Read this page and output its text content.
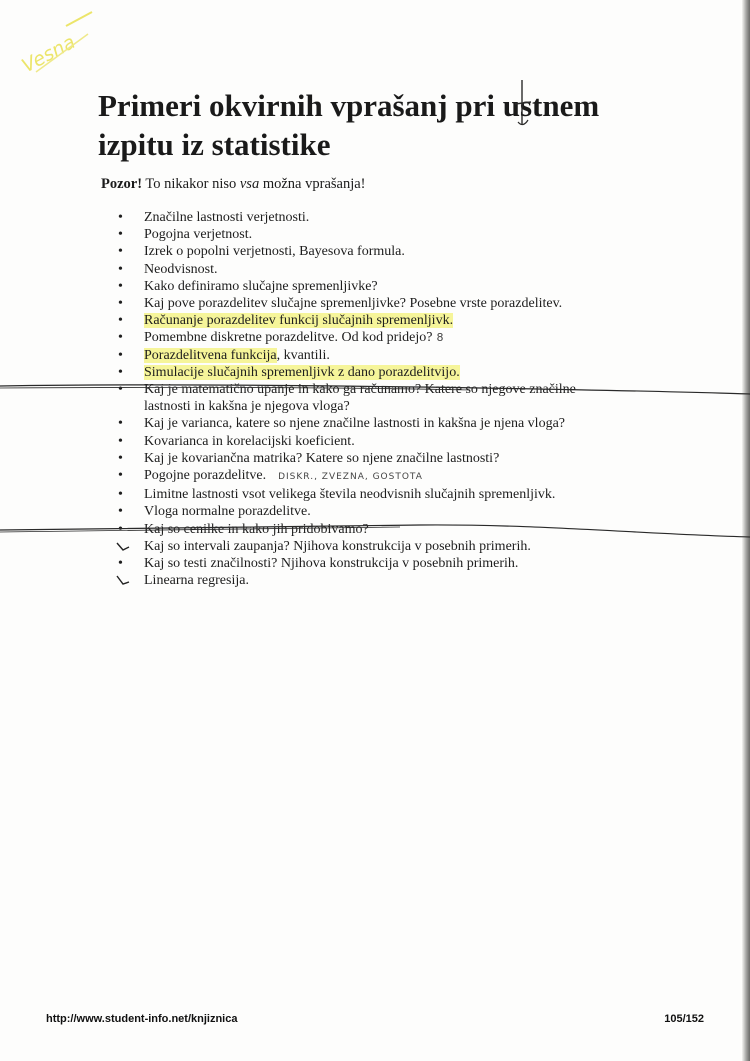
Vesna
Primeri okvirnih vprašanj pri ustnem izpitu iz statistike

Pozor! To nikakor niso vsa možna vprašanja!

• Značilne lastnosti verjetnosti.
• Pogojna verjetnost.
• Izrek o popolni verjetnosti, Bayesova formula.
• Neodvisnost.
• Kako definiramo slučajne spremenljivke?
• Kaj pove porazdelitev slučajne spremenljivke? Posebne vrste porazdelitev.
• Računanje porazdelitev funkcij slučajnih spremenljivk.
• Pomembne diskretne porazdelitve. Od kod pridejo? 8
• Porazdelitvena funkcija, kvantili.
• Simulacije slučajnih spremenljivk z dano porazdelitvijo.
• Kaj je matematično upanje in kako ga računamo? Katere so njegove značilne lastnosti in kakšna je njegova vloga?
• Kaj je varianca, katere so njene značilne lastnosti in kakšna je njena vloga?
• Kovarianca in korelacijski koeficient.
• Kaj je kovariančna matrika? Katere so njene značilne lastnosti?
• Pogojne porazdelitve. DISKR., ZVEZNA, GOSTOTA
• Limitne lastnosti vsot velikega števila neodvisnih slučajnih spremenljivk.
• Vloga normalne porazdelitve.
• Kaj so cenilke in kako jih pridobivamo?
Kaj so intervali zaupanja? Njihova konstrukcija v posebnih primerih.
• Kaj so testi značilnosti? Njihova konstrukcija v posebnih primerih.
Linearna regresija.
http://www.student-info.net/knjiznica	105/152
